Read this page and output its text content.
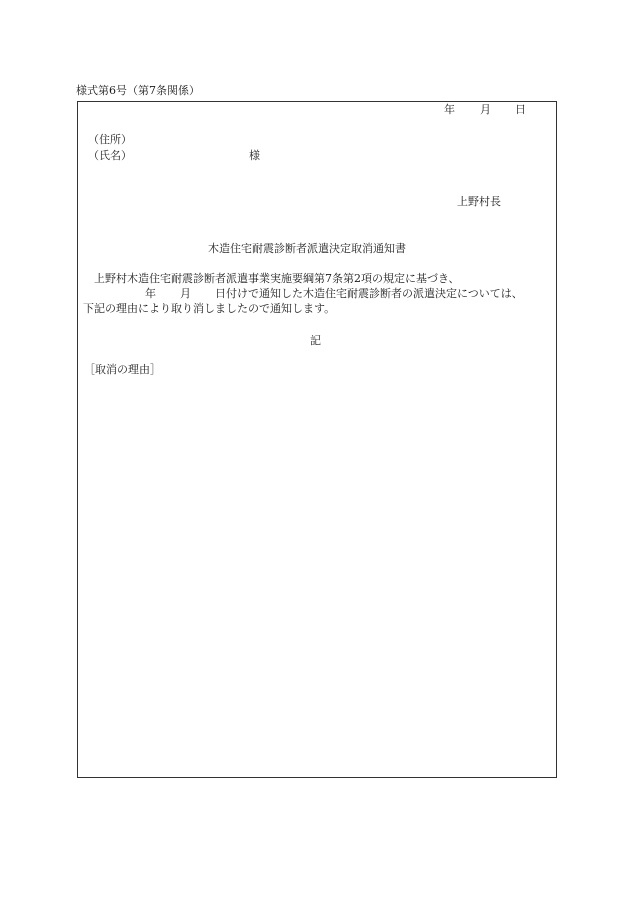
様式第6号（第7条関係）
年 月 日
（住所）
（氏名）	様
上野村長
木造住宅耐震診断者派遣決定取消通知書
上野村木造住宅耐震診断者派遣事業実施要綱第7条第2項の規定に基づき、
年 月 日付けで通知した木造住宅耐震診断者の派遣決定については、
下記の理由により取り消しましたので通知します。
記
［取消の理由］
